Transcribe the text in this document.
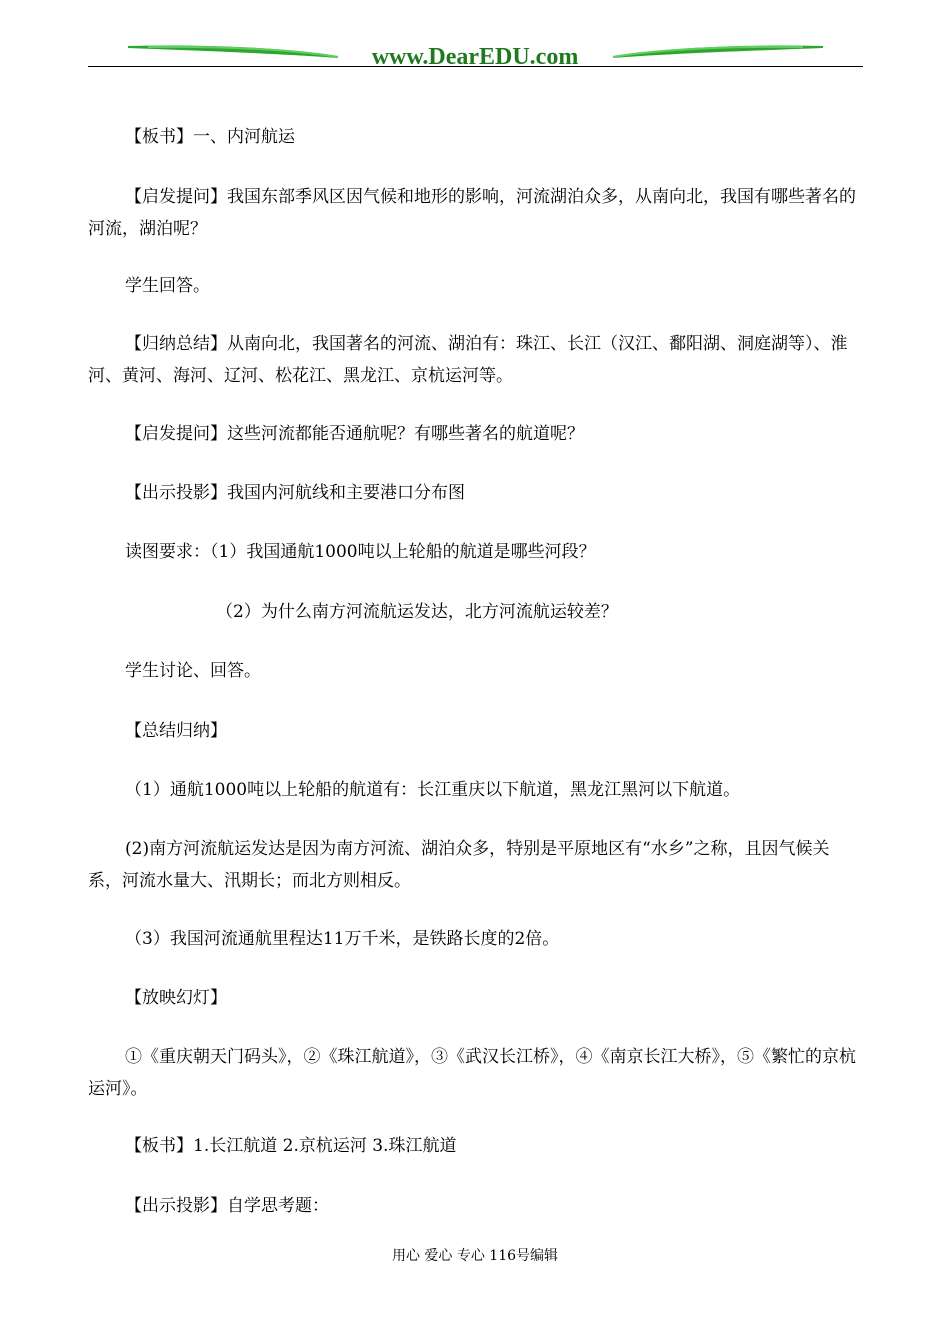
www.DearEDU.com
【板书】一、内河航运
【启发提问】我国东部季风区因气候和地形的影响，河流湖泊众多，从南向北，我国有哪些著名的河流，湖泊呢？
学生回答。
【归纳总结】从南向北，我国著名的河流、湖泊有：珠江、长江（汉江、鄱阳湖、洞庭湖等）、淮河、黄河、海河、辽河、松花江、黑龙江、京杭运河等。
【启发提问】这些河流都能否通航呢？有哪些著名的航道呢？
【出示投影】我国内河航线和主要港口分布图
读图要求：（1）我国通航1000吨以上轮船的航道是哪些河段？
（2）为什么南方河流航运发达，北方河流航运较差？
学生讨论、回答。
【总结归纳】
（1）通航1000吨以上轮船的航道有：长江重庆以下航道，黑龙江黑河以下航道。
(2)南方河流航运发达是因为南方河流、湖泊众多，特别是平原地区有“水乡”之称，且因气候关系，河流水量大、汛期长；而北方则相反。
（3）我国河流通航里程达11万千米，是铁路长度的2倍。
【放映幻灯】
①《重庆朝天门码头》，②《珠江航道》，③《武汉长江桥》，④《南京长江大桥》，⑤《繁忙的京杭运河》。
【板书】1.长江航道 2.京杭运河 3.珠江航道
【出示投影】自学思考题：
用心 爱心 专心 116号编辑
